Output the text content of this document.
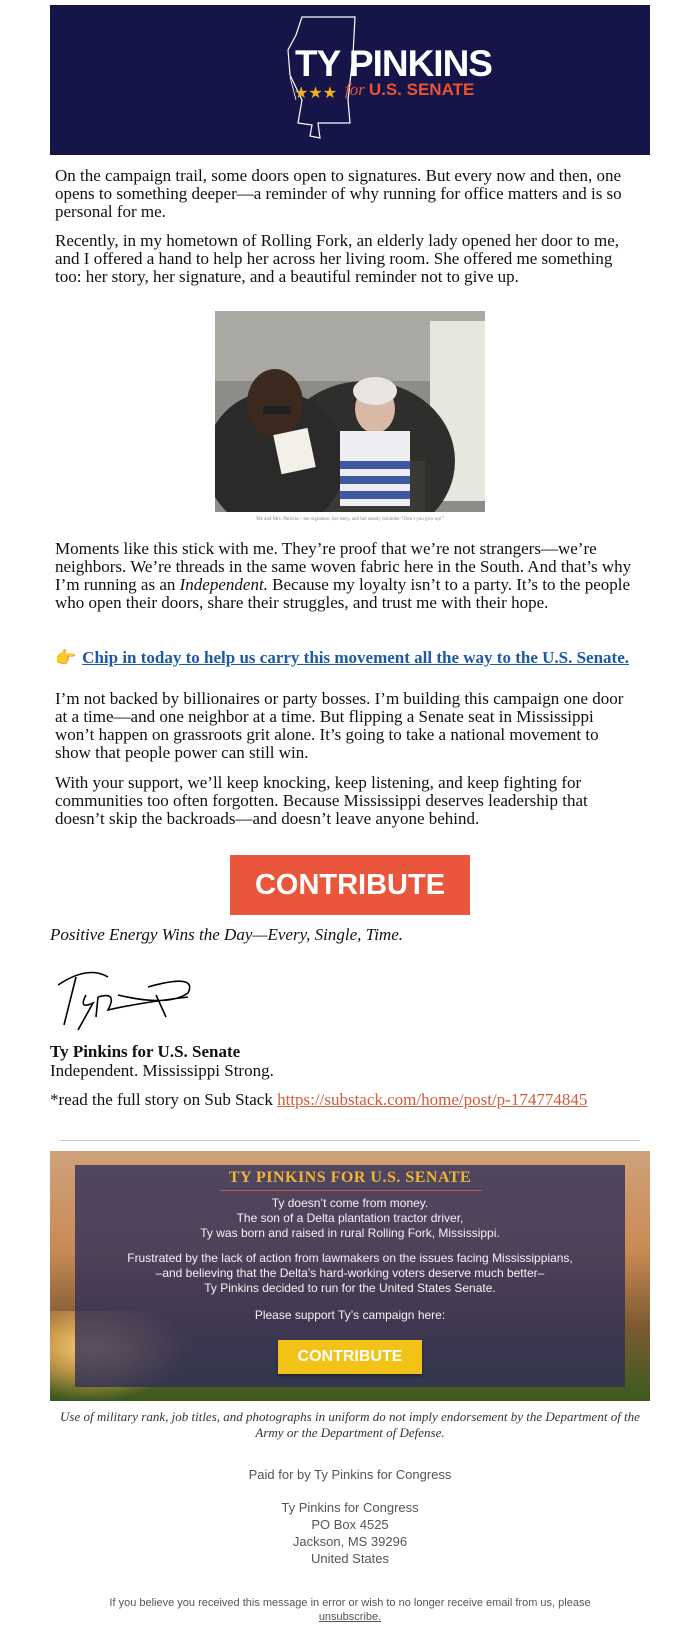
TY PINKINS
★★★ for U.S. SENATE
On the campaign trail, some doors open to signatures. But every now and then, one opens to something deeper—a reminder of why running for office matters and is so personal for me.
Recently, in my hometown of Rolling Fork, an elderly lady opened her door to me, and I offered a hand to help her across her living room. She offered me something too: her story, her signature, and a beautiful reminder not to give up.
Me and Mrs. Patricia—her signature, her story, and her steady reminder “Don’t you give up!”
Moments like this stick with me. They’re proof that we’re not strangers—we’re neighbors. We’re threads in the same woven fabric here in the South. And that’s why I’m running as an Independent. Because my loyalty isn’t to a party. It’s to the people who open their doors, share their struggles, and trust me with their hope.
👉 Chip in today to help us carry this movement all the way to the U.S. Senate.
I’m not backed by billionaires or party bosses. I’m building this campaign one door at a time—and one neighbor at a time. But flipping a Senate seat in Mississippi won’t happen on grassroots grit alone. It’s going to take a national movement to show that people power can still win.
With your support, we’ll keep knocking, keep listening, and keep fighting for communities too often forgotten. Because Mississippi deserves leadership that doesn’t skip the backroads—and doesn’t leave anyone behind.
CONTRIBUTE
Positive Energy Wins the Day—Every, Single, Time.
Ty Pinkins for U.S. Senate
Independent. Mississippi Strong.
*read the full story on Sub Stack https://substack.com/home/post/p-174774845
TY PINKINS FOR U.S. SENATE
Ty doesn’t come from money.
The son of a Delta plantation tractor driver,
Ty was born and raised in rural Rolling Fork, Mississippi.
Frustrated by the lack of action from lawmakers on the issues facing Mississippians,
–and believing that the Delta’s hard-working voters deserve much better–
Ty Pinkins decided to run for the United States Senate.
Please support Ty’s campaign here:
CONTRIBUTE
Use of military rank, job titles, and photographs in uniform do not imply endorsement by the Department of the Army or the Department of Defense.
Paid for by Ty Pinkins for Congress
Ty Pinkins for Congress
PO Box 4525
Jackson, MS 39296
United States
If you believe you received this message in error or wish to no longer receive email from us, please
unsubscribe.
